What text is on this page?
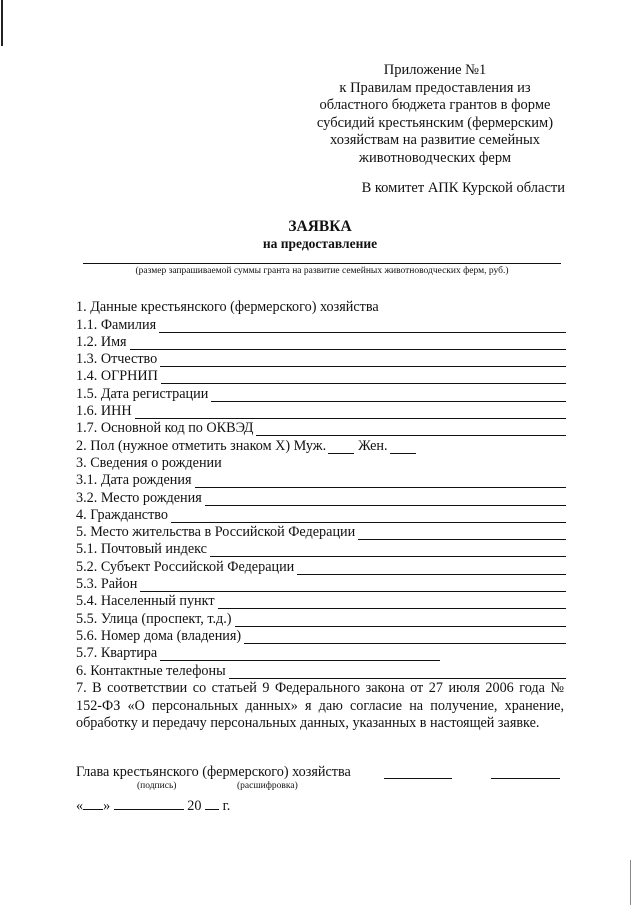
Приложение №1
к Правилам предоставления из
областного бюджета грантов в форме
субсидий крестьянским (фермерским)
хозяйствам на развитие семейных
животноводческих ферм
В комитет АПК Курской области
ЗАЯВКА
на предоставление
(размер запрашиваемой суммы гранта на развитие семейных животноводческих ферм, руб.)
1. Данные крестьянского (фермерского) хозяйства
1.1. Фамилия
1.2. Имя
1.3. Отчество
1.4. ОГРНИП
1.5. Дата регистрации
1.6. ИНН
1.7. Основной код по ОКВЭД
2. Пол (нужное отметить знаком Х) Муж. Жен.
3. Сведения о рождении
3.1. Дата рождения
3.2. Место рождения
4. Гражданство
5. Место жительства в Российской Федерации
5.1. Почтовый индекс
5.2. Субъект Российской Федерации
5.3. Район
5.4. Населенный пункт
5.5. Улица (проспект, т.д.)
5.6. Номер дома (владения)
5.7. Квартира
6. Контактные телефоны
7. В соответствии со статьей 9 Федерального закона от 27 июля 2006 года № 152-ФЗ «О персональных данных» я даю согласие на получение, хранение, обработку и передачу персональных данных, указанных в настоящей заявке.
Глава крестьянского (фермерского) хозяйства
(подпись)	(расшифровка)
« »	20 г.
